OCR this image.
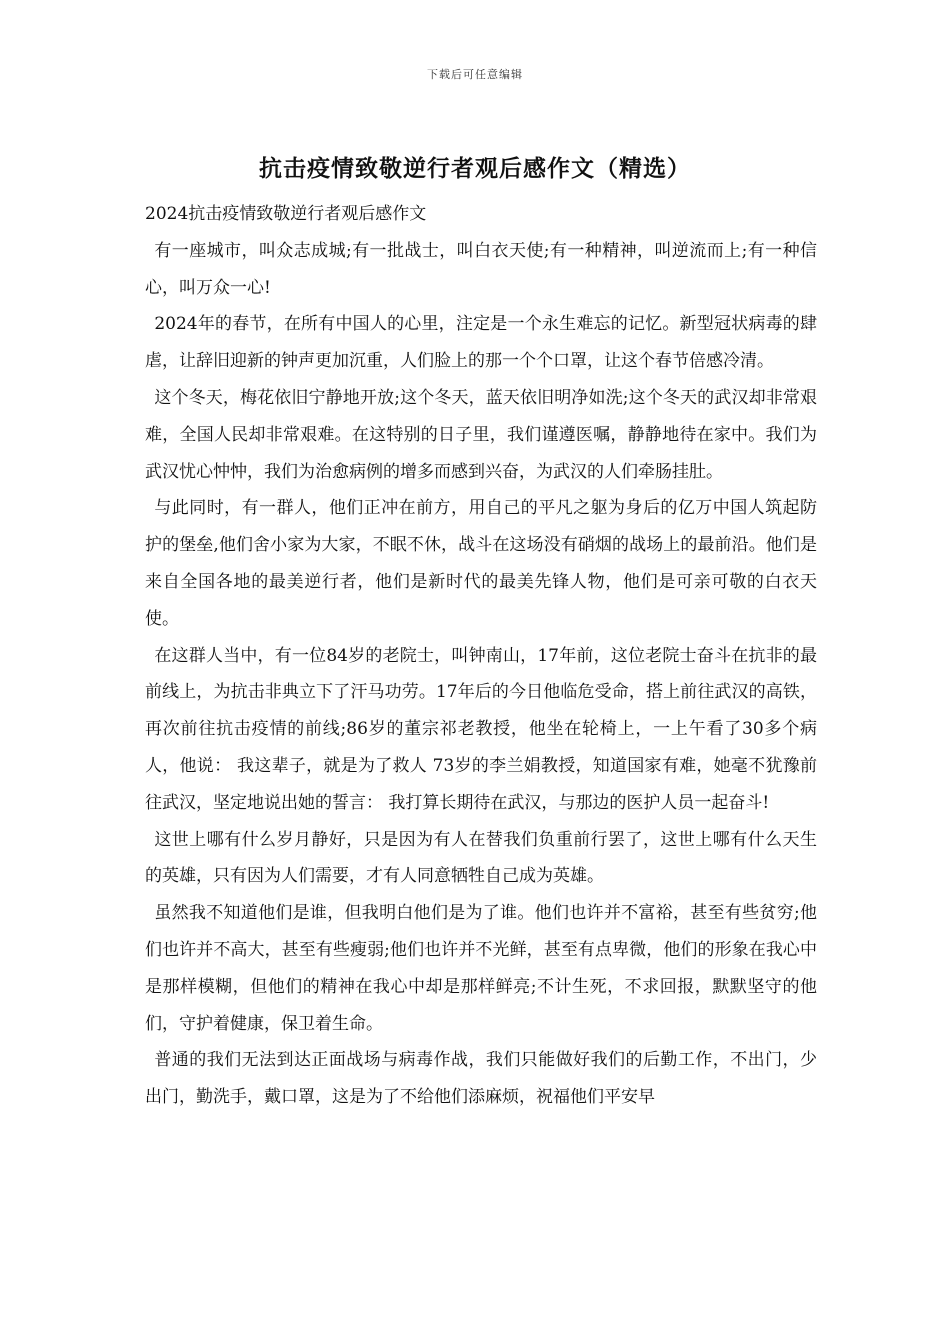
下载后可任意编辑
抗击疫情致敬逆行者观后感作文（精选）

2024抗击疫情致敬逆行者观后感作文

有一座城市，叫众志成城;有一批战士，叫白衣天使;有一种精神，叫逆流而上;有一种信心，叫万众一心!

2024年的春节，在所有中国人的心里，注定是一个永生难忘的记忆。新型冠状病毒的肆虐，让辞旧迎新的钟声更加沉重，人们脸上的那一个个口罩，让这个春节倍感冷清。

这个冬天，梅花依旧宁静地开放;这个冬天，蓝天依旧明净如洗;这个冬天的武汉却非常艰难，全国人民却非常艰难。在这特别的日子里，我们谨遵医嘱，静静地待在家中。我们为武汉忧心忡忡，我们为治愈病例的增多而感到兴奋，为武汉的人们牵肠挂肚。

与此同时，有一群人，他们正冲在前方，用自己的平凡之躯为身后的亿万中国人筑起防护的堡垒,他们舍小家为大家，不眠不休，战斗在这场没有硝烟的战场上的最前沿。他们是来自全国各地的最美逆行者，他们是新时代的最美先锋人物，他们是可亲可敬的白衣天使。

在这群人当中，有一位84岁的老院士，叫钟南山，17年前，这位老院士奋斗在抗非的最前线上，为抗击非典立下了汗马功劳。17年后的今日他临危受命，搭上前往武汉的高铁，再次前往抗击疫情的前线;86岁的董宗祁老教授，他坐在轮椅上，一上午看了30多个病人，他说： 我这辈子，就是为了救人 73岁的李兰娟教授，知道国家有难，她毫不犹豫前往武汉，坚定地说出她的誓言： 我打算长期待在武汉，与那边的医护人员一起奋斗!

这世上哪有什么岁月静好，只是因为有人在替我们负重前行罢了，这世上哪有什么天生的英雄，只有因为人们需要，才有人同意牺牲自己成为英雄。

虽然我不知道他们是谁，但我明白他们是为了谁。他们也许并不富裕，甚至有些贫穷;他们也许并不高大，甚至有些瘦弱;他们也许并不光鲜，甚至有点卑微，他们的形象在我心中是那样模糊，但他们的精神在我心中却是那样鲜亮;不计生死，不求回报，默默坚守的他们，守护着健康，保卫着生命。

普通的我们无法到达正面战场与病毒作战，我们只能做好我们的后勤工作，不出门，少出门，勤洗手，戴口罩，这是为了不给他们添麻烦，祝福他们平安早
